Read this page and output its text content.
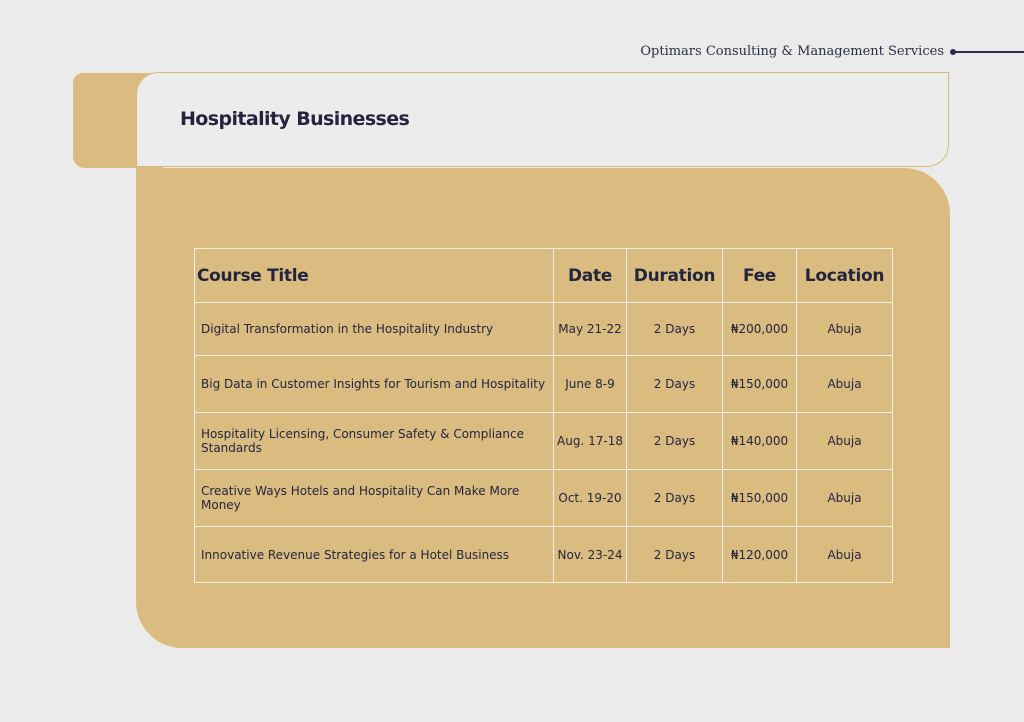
Optimars Consulting & Management Services
Hospitality Businesses
Course Title	Date	Duration	Fee	Location
Digital Transformation in the Hospitality Industry	May 21-22	2 Days	₦200,000	Abuja
Big Data in Customer Insights for Tourism and Hospitality	June 8-9	2 Days	₦150,000	Abuja
Hospitality Licensing, Consumer Safety & Compliance Standards	Aug. 17-18	2 Days	₦140,000	Abuja
Creative Ways Hotels and Hospitality Can Make More Money	Oct. 19-20	2 Days	₦150,000	Abuja
Innovative Revenue Strategies for a Hotel Business	Nov. 23-24	2 Days	₦120,000	Abuja
